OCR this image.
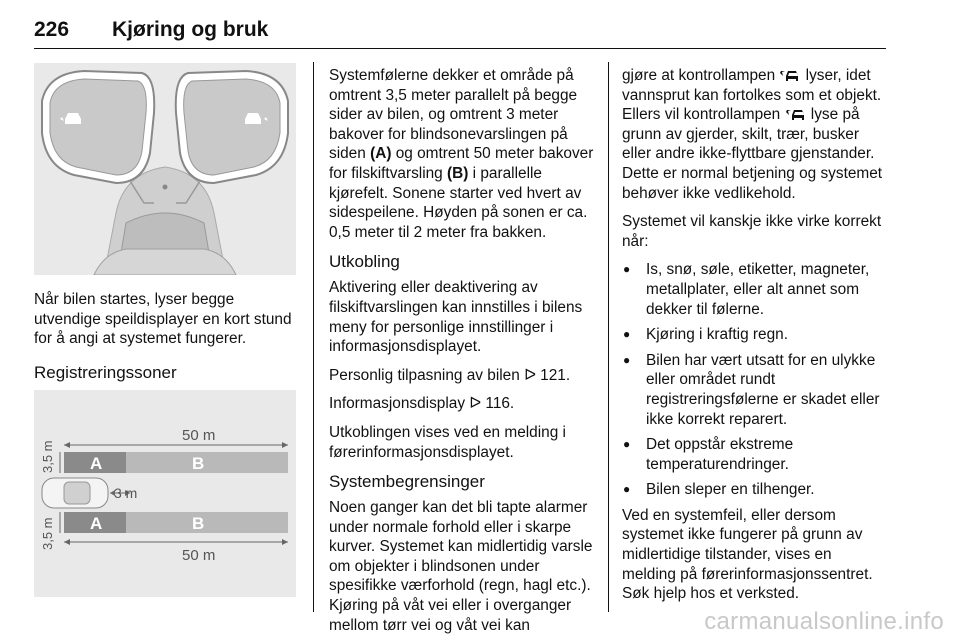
226 Kjøring og bruk

Når bilen startes, lyser begge utvendige speildisplayer en kort stund for å angi at systemet fungerer.

Registreringssoner
50 m
A	B
3,5 m
3 m
A	B
3,5 m
50 m

Systemfølerne dekker et område på omtrent 3,5 meter parallelt på begge sider av bilen, og omtrent 3 meter bakover for blindsonevarslingen på siden (A) og omtrent 50 meter bakover for filskiftvarsling (B) i parallelle kjørefelt. Sonene starter ved hvert av sidespeilene. Høyden på sonen er ca. 0,5 meter til 2 meter fra bakken.

Utkobling

Aktivering eller deaktivering av filskiftvarslingen kan innstilles i bilens meny for personlige innstillinger i informasjonsdisplayet.

Personlig tilpasning av bilen ᐅ 121.

Informasjonsdisplay ᐅ 116.

Utkoblingen vises ved en melding i førerinformasjonsdisplayet.

Systembegrensinger

Noen ganger kan det bli tapte alarmer under normale forhold eller i skarpe kurver. Systemet kan midlertidig varsle om objekter i blindsonen under spesifikke værforhold (regn, hagl etc.). Kjøring på våt vei eller i overganger mellom tørr vei og våt vei kan

gjøre at kontrollampen  lyser, idet vannsprut kan fortolkes som et objekt. Ellers vil kontrollampen  lyse på grunn av gjerder, skilt, trær, busker eller andre ikke-flyttbare gjenstander. Dette er normal betjening og systemet behøver ikke vedlikehold.

Systemet vil kanskje ikke virke korrekt når:

● Is, snø, søle, etiketter, magneter, metallplater, eller alt annet som dekker til følerne.
● Kjøring i kraftig regn.
● Bilen har vært utsatt for en ulykke eller området rundt registreringsfølerne er skadet eller ikke korrekt reparert.
● Det oppstår ekstreme temperaturendringer.
● Bilen sleper en tilhenger.

Ved en systemfeil, eller dersom systemet ikke fungerer på grunn av midlertidige tilstander, vises en melding på førerinformasjonssentret. Søk hjelp hos et verksted.

carmanualsonline.info
